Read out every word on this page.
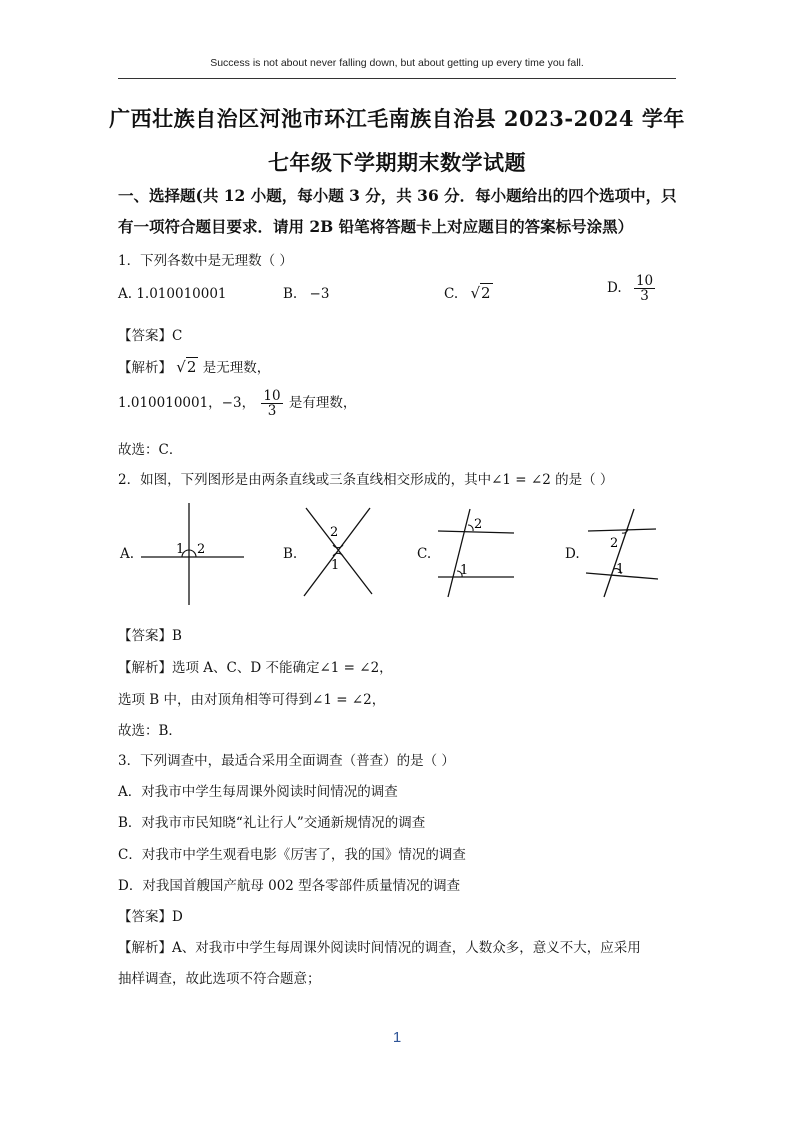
Success is not about never falling down, but about getting up every time you fall.
广西壮族自治区河池市环江毛南族自治县 2023-2024 学年
七年级下学期期末数学试题
一、选择题(共 12 小题，每小题 3 分，共 36 分．每小题给出的四个选项中，只
有一项符合题目要求．请用 2B 铅笔将答题卡上对应题目的答案标号涂黑）
1．下列各数中是无理数（ ）
A. 1.010010001	B. −3	C. √2	D. $\frac{10}{3}$
【答案】C
【解析】 √2 是无理数，
1.010010001，−3， $\frac{10}{3}$ 是有理数，
故选：C．
2．如图，下列图形是由两条直线或三条直线相交形成的，其中∠1 = ∠2 的是（ ）
A.	1 2	B.
2
1
C.
2
1
D.
2
1
【答案】B
【解析】选项 A、C、D 不能确定∠1 = ∠2，
选项 B 中，由对顶角相等可得到∠1 = ∠2，
故选：B．
3．下列调查中，最适合采用全面调查（普查）的是（ ）
A．对我市中学生每周课外阅读时间情况的调查
B．对我市市民知晓“礼让行人”交通新规情况的调查
C．对我市中学生观看电影《厉害了，我的国》情况的调查
D．对我国首艘国产航母 002 型各零部件质量情况的调查
【答案】D
【解析】A、对我市中学生每周课外阅读时间情况的调查，人数众多，意义不大，应采用
抽样调查，故此选项不符合题意；
1
